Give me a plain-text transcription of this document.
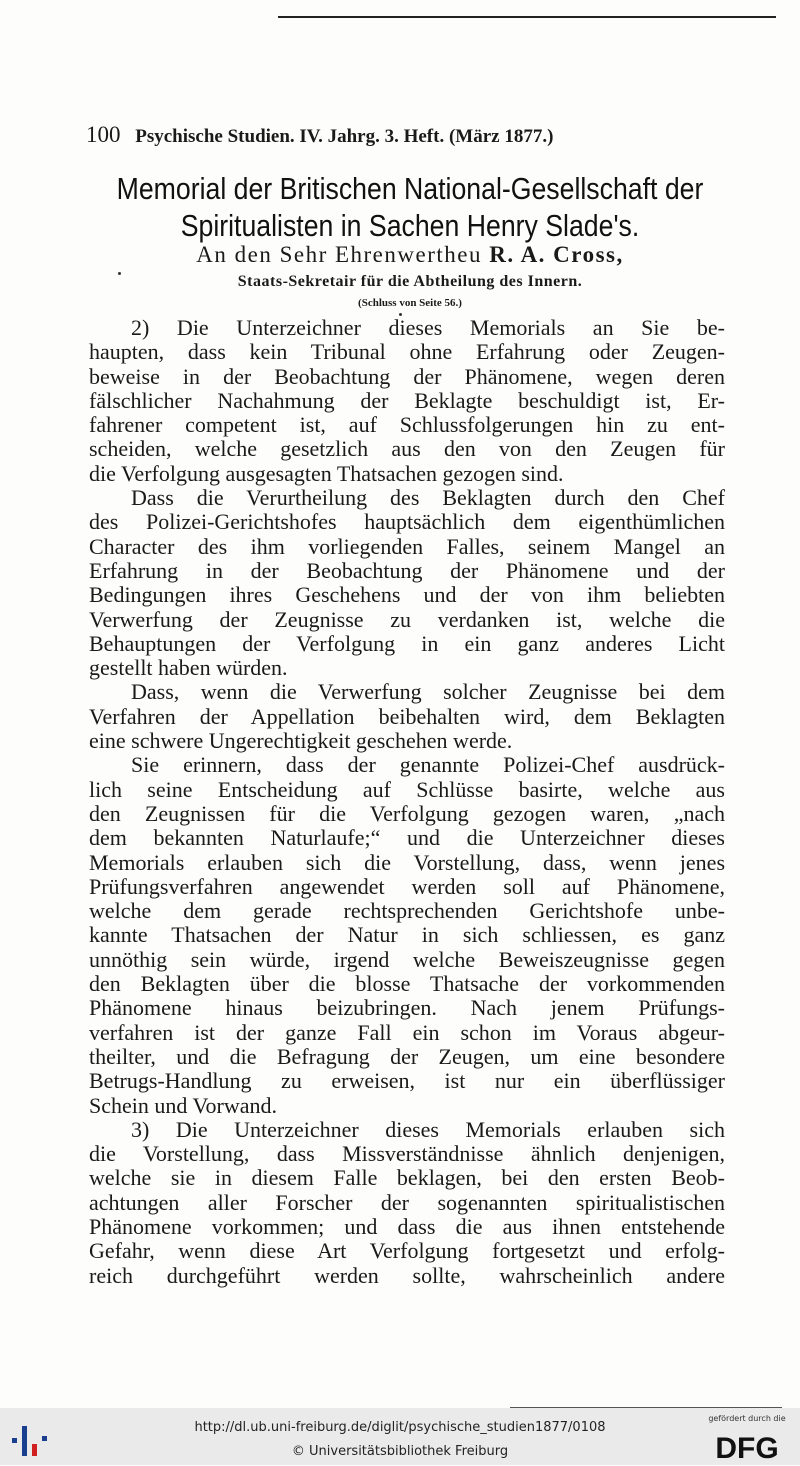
100 Psychische Studien. IV. Jahrg. 3. Heft. (März 1877.)
Memorial der Britischen National-Gesellschaft der
Spiritualisten in Sachen Henry Slade's.
An den Sehr Ehrenwertheu R. A. Cross,
Staats-Sekretair für die Abtheilung des Innern.
(Schluss von Seite 56.)
2) Die Unterzeichner dieses Memorials an Sie be-
haupten, dass kein Tribunal ohne Erfahrung oder Zeugen-
beweise in der Beobachtung der Phänomene, wegen deren
fälschlicher Nachahmung der Beklagte beschuldigt ist, Er-
fahrener competent ist, auf Schlussfolgerungen hin zu ent-
scheiden, welche gesetzlich aus den von den Zeugen für
die Verfolgung ausgesagten Thatsachen gezogen sind.
Dass die Verurtheilung des Beklagten durch den Chef
des Polizei-Gerichtshofes hauptsächlich dem eigenthümlichen
Character des ihm vorliegenden Falles, seinem Mangel an
Erfahrung in der Beobachtung der Phänomene und der
Bedingungen ihres Geschehens und der von ihm beliebten
Verwerfung der Zeugnisse zu verdanken ist, welche die
Behauptungen der Verfolgung in ein ganz anderes Licht
gestellt haben würden.
Dass, wenn die Verwerfung solcher Zeugnisse bei dem
Verfahren der Appellation beibehalten wird, dem Beklagten
eine schwere Ungerechtigkeit geschehen werde.
Sie erinnern, dass der genannte Polizei-Chef ausdrück-
lich seine Entscheidung auf Schlüsse basirte, welche aus
den Zeugnissen für die Verfolgung gezogen waren, „nach
dem bekannten Naturlaufe;“ und die Unterzeichner dieses
Memorials erlauben sich die Vorstellung, dass, wenn jenes
Prüfungsverfahren angewendet werden soll auf Phänomene,
welche dem gerade rechtsprechenden Gerichtshofe unbe-
kannte Thatsachen der Natur in sich schliessen, es ganz
unnöthig sein würde, irgend welche Beweiszeugnisse gegen
den Beklagten über die blosse Thatsache der vorkommenden
Phänomene hinaus beizubringen. Nach jenem Prüfungs-
verfahren ist der ganze Fall ein schon im Voraus abgeur-
theilter, und die Befragung der Zeugen, um eine besondere
Betrugs-Handlung zu erweisen, ist nur ein überflüssiger
Schein und Vorwand.
3) Die Unterzeichner dieses Memorials erlauben sich
die Vorstellung, dass Missverständnisse ähnlich denjenigen,
welche sie in diesem Falle beklagen, bei den ersten Beob-
achtungen aller Forscher der sogenannten spiritualistischen
Phänomene vorkommen; und dass die aus ihnen entstehende
Gefahr, wenn diese Art Verfolgung fortgesetzt und erfolg-
reich durchgeführt werden sollte, wahrscheinlich andere
http://dl.ub.uni-freiburg.de/diglit/psychische_studien1877/0108
© Universitätsbibliothek Freiburg
gefördert durch die
DFG
